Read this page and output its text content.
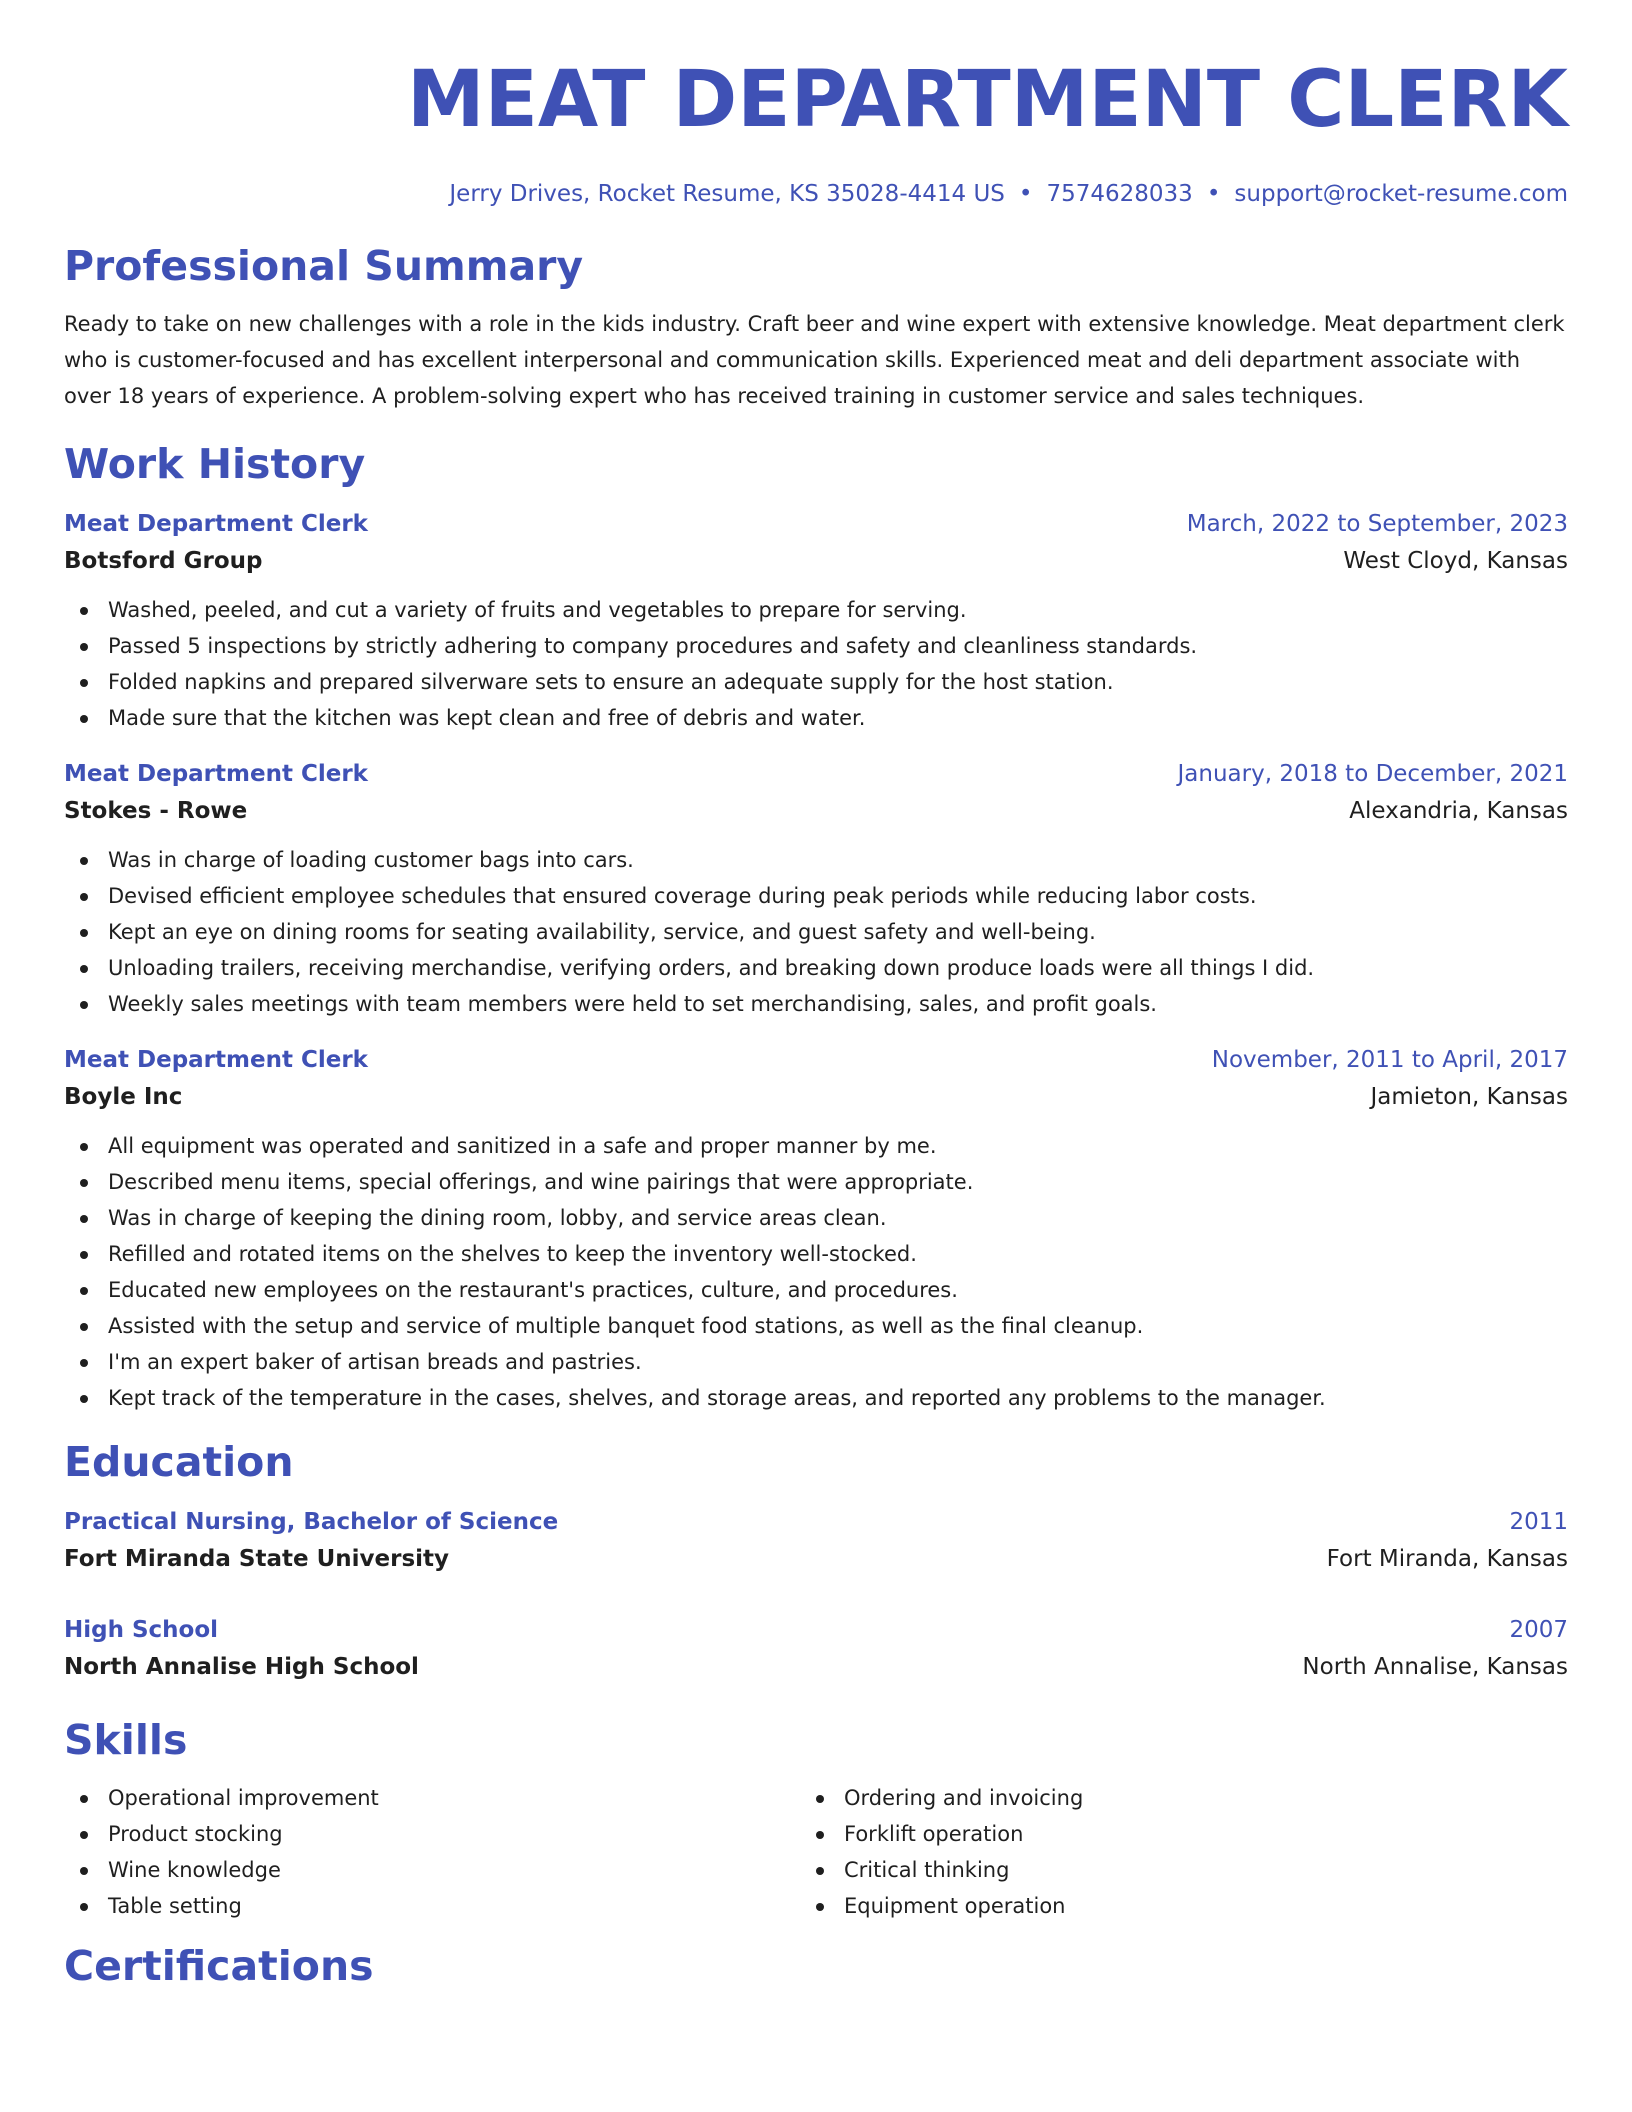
MEAT DEPARTMENT CLERK
Jerry Drives, Rocket Resume, KS 35028-4414 US • 7574628033 • support@rocket-resume.com
Professional Summary

Ready to take on new challenges with a role in the kids industry. Craft beer and wine expert with extensive knowledge. Meat department clerk who is customer-focused and has excellent interpersonal and communication skills. Experienced meat and deli department associate with over 18 years of experience. A problem-solving expert who has received training in customer service and sales techniques.

Work History
Meat Department Clerk	March, 2022 to September, 2023
Botsford Group	West Cloyd, Kansas
Washed, peeled, and cut a variety of fruits and vegetables to prepare for serving.
Passed 5 inspections by strictly adhering to company procedures and safety and cleanliness standards.
Folded napkins and prepared silverware sets to ensure an adequate supply for the host station.
Made sure that the kitchen was kept clean and free of debris and water.
Meat Department Clerk	January, 2018 to December, 2021
Stokes - Rowe	Alexandria, Kansas
Was in charge of loading customer bags into cars.
Devised efficient employee schedules that ensured coverage during peak periods while reducing labor costs.
Kept an eye on dining rooms for seating availability, service, and guest safety and well-being.
Unloading trailers, receiving merchandise, verifying orders, and breaking down produce loads were all things I did.
Weekly sales meetings with team members were held to set merchandising, sales, and profit goals.
Meat Department Clerk	November, 2011 to April, 2017
Boyle Inc	Jamieton, Kansas
All equipment was operated and sanitized in a safe and proper manner by me.
Described menu items, special offerings, and wine pairings that were appropriate.
Was in charge of keeping the dining room, lobby, and service areas clean.
Refilled and rotated items on the shelves to keep the inventory well-stocked.
Educated new employees on the restaurant's practices, culture, and procedures.
Assisted with the setup and service of multiple banquet food stations, as well as the final cleanup.
I'm an expert baker of artisan breads and pastries.
Kept track of the temperature in the cases, shelves, and storage areas, and reported any problems to the manager.
Education
Practical Nursing, Bachelor of Science	2011
Fort Miranda State University	Fort Miranda, Kansas
High School	2007
North Annalise High School	North Annalise, Kansas
Skills
Operational improvement
Product stocking
Wine knowledge
Table setting
Ordering and invoicing
Forklift operation
Critical thinking
Equipment operation
Certifications
